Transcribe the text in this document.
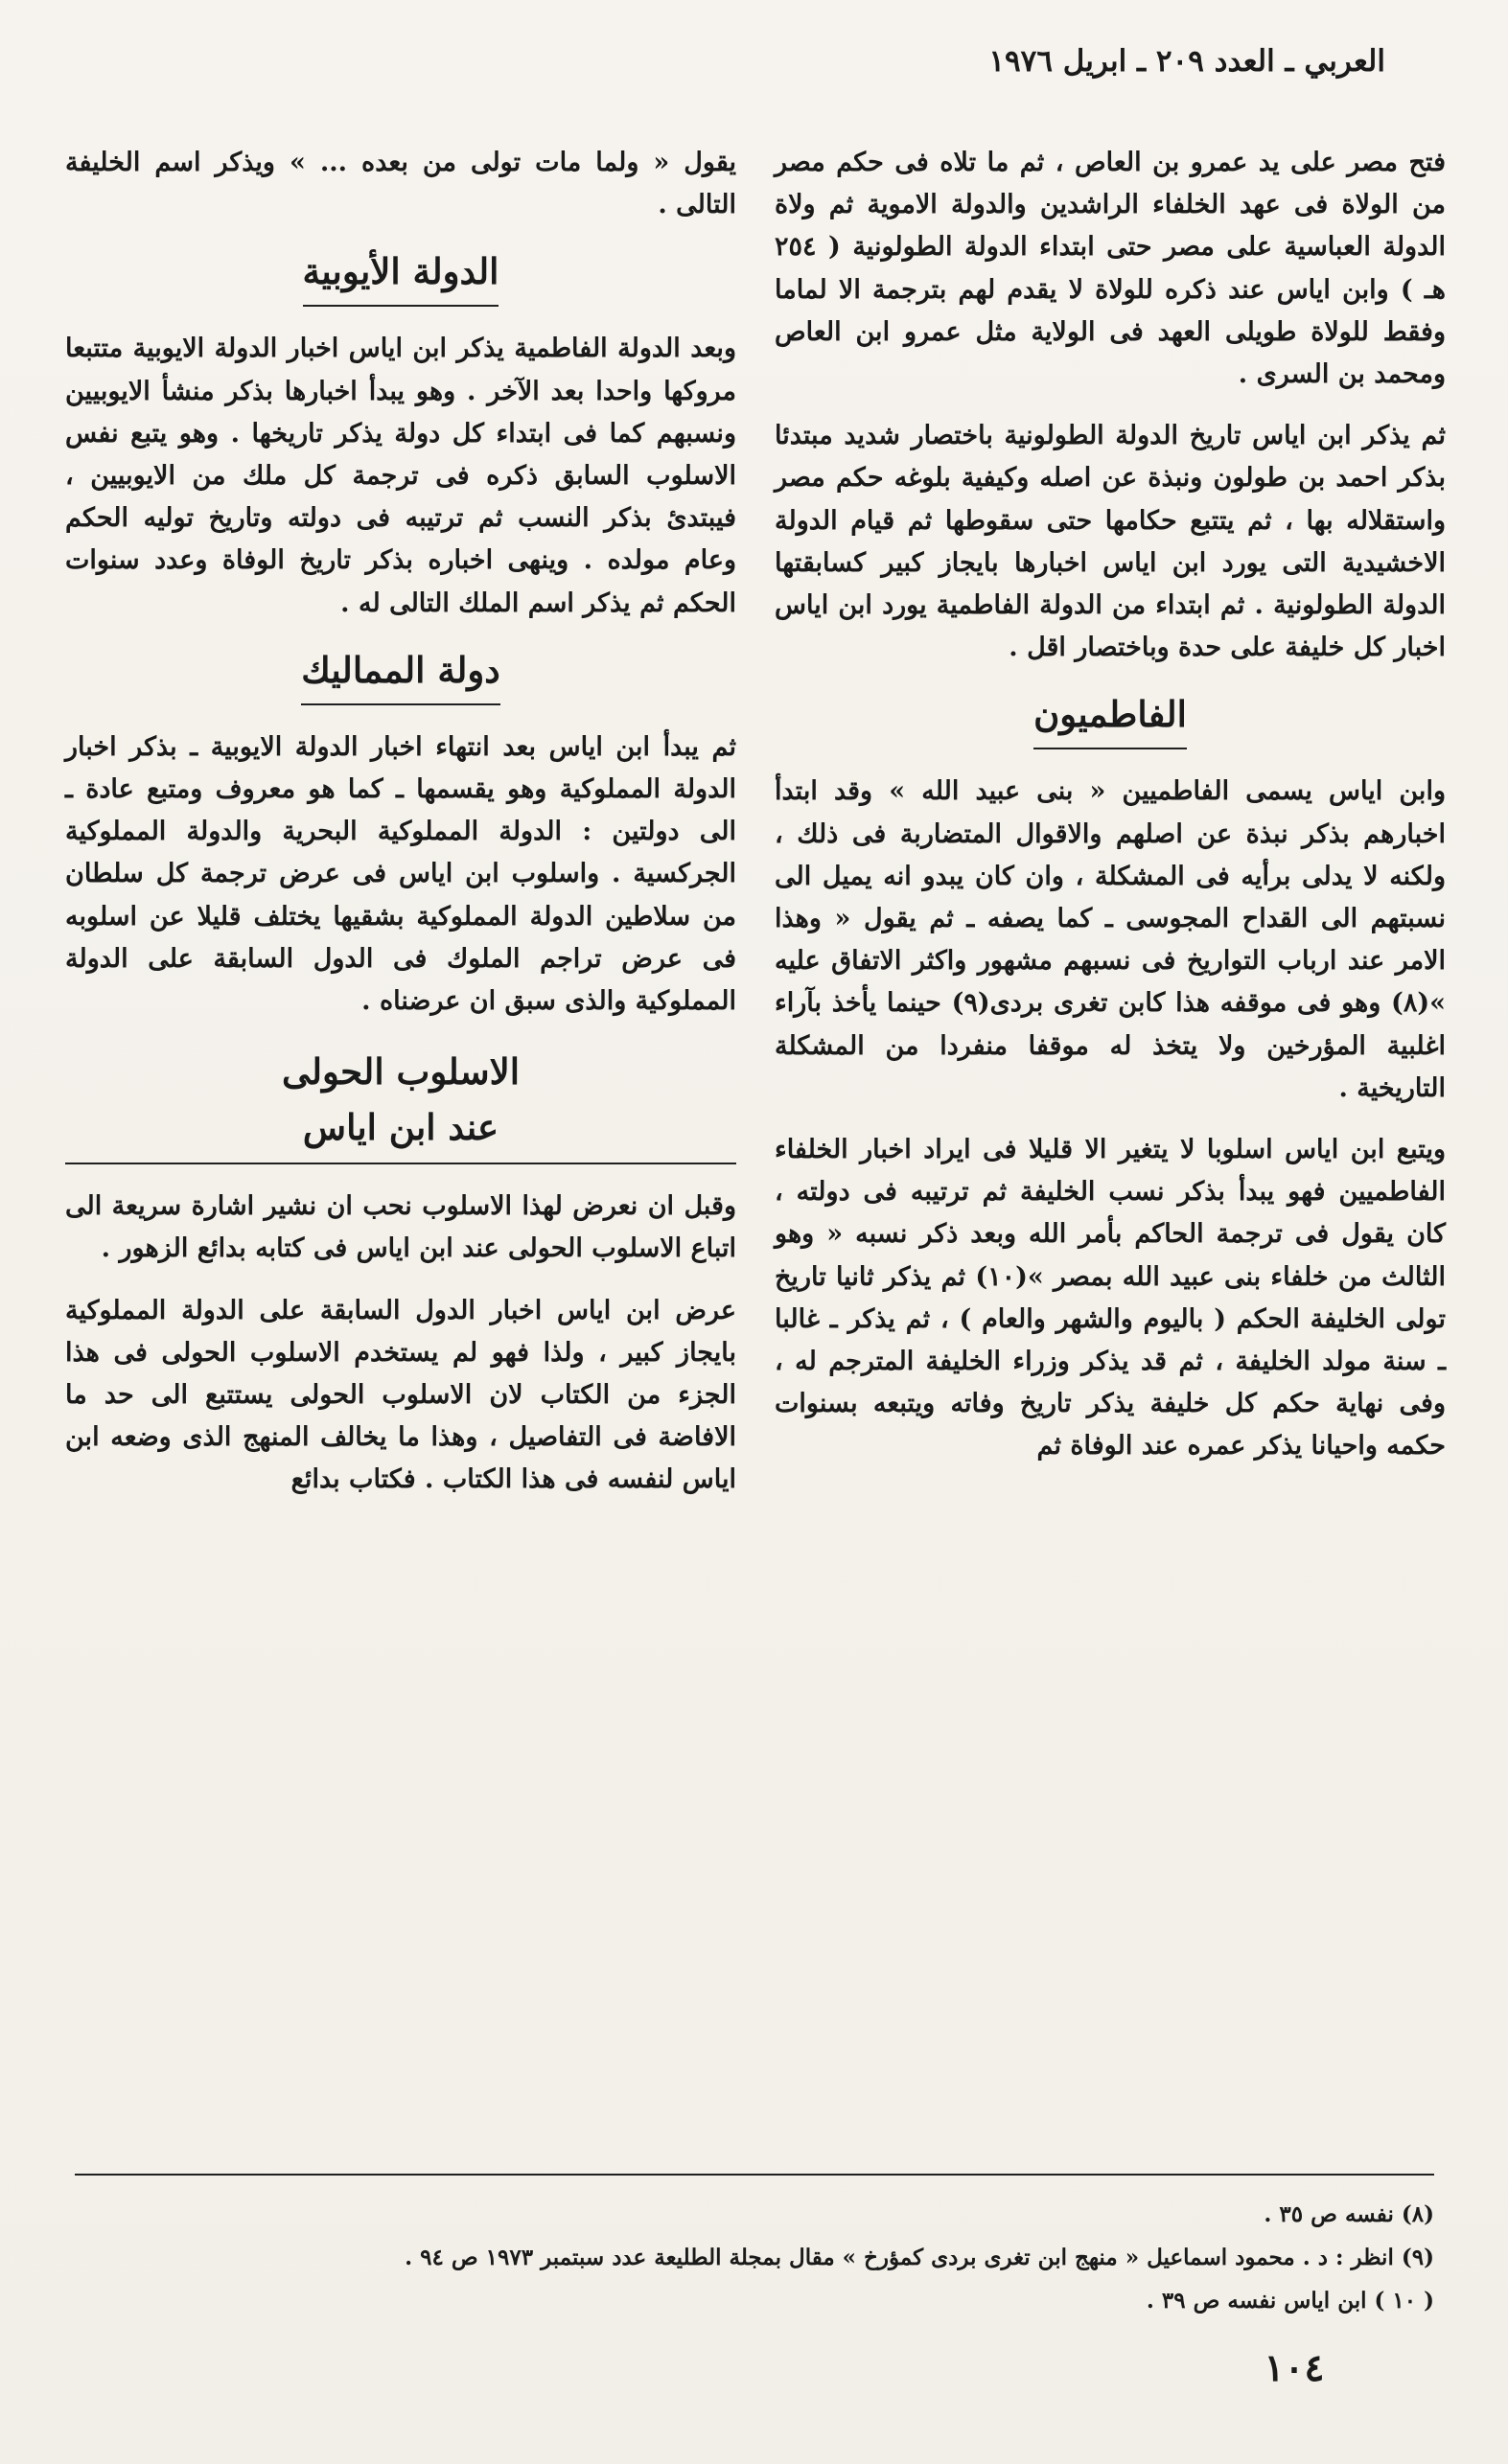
العربي ـ العدد ٢٠٩ ـ ابريل ١٩٧٦

فتح مصر على يد عمرو بن العاص ، ثم ما تلاه فى حكم مصر من الولاة فى عهد الخلفاء الراشدين والدولة الاموية ثم ولاة الدولة العباسية على مصر حتى ابتداء الدولة الطولونية ( ٢٥٤ هـ ) وابن اياس عند ذكره للولاة لا يقدم لهم بترجمة الا لماما وفقط للولاة طويلى العهد فى الولاية مثل عمرو ابن العاص ومحمد بن السرى .

ثم يذكر ابن اياس تاريخ الدولة الطولونية باختصار شديد مبتدئا بذكر احمد بن طولون ونبذة عن اصله وكيفية بلوغه حكم مصر واستقلاله بها ، ثم يتتبع حكامها حتى سقوطها ثم قيام الدولة الاخشيدية التى يورد ابن اياس اخبارها بايجاز كبير كسابقتها الدولة الطولونية . ثم ابتداء من الدولة الفاطمية يورد ابن اياس اخبار كل خليفة على حدة وباختصار اقل .

الفاطميون

وابن اياس يسمى الفاطميين « بنى عبيد الله » وقد ابتدأ اخبارهم بذكر نبذة عن اصلهم والاقوال المتضاربة فى ذلك ، ولكنه لا يدلى برأيه فى المشكلة ، وان كان يبدو انه يميل الى نسبتهم الى القداح المجوسى ـ كما يصفه ـ ثم يقول « وهذا الامر عند ارباب التواريخ فى نسبهم مشهور واكثر الاتفاق عليه »(٨) وهو فى موقفه هذا كابن تغرى بردى(٩) حينما يأخذ بآراء اغلبية المؤرخين ولا يتخذ له موقفا منفردا من المشكلة التاريخية .

ويتبع ابن اياس اسلوبا لا يتغير الا قليلا فى ايراد اخبار الخلفاء الفاطميين فهو يبدأ بذكر نسب الخليفة ثم ترتيبه فى دولته ، كان يقول فى ترجمة الحاكم بأمر الله وبعد ذكر نسبه « وهو الثالث من خلفاء بنى عبيد الله بمصر »(١٠) ثم يذكر ثانيا تاريخ تولى الخليفة الحكم ( باليوم والشهر والعام ) ، ثم يذكر ـ غالبا ـ سنة مولد الخليفة ، ثم قد يذكر وزراء الخليفة المترجم له ، وفى نهاية حكم كل خليفة يذكر تاريخ وفاته ويتبعه بسنوات حكمه واحيانا يذكر عمره عند الوفاة ثم

يقول « ولما مات تولى من بعده ... » ويذكر اسم الخليفة التالى .

الدولة الأيوبية

وبعد الدولة الفاطمية يذكر ابن اياس اخبار الدولة الايوبية متتبعا مروكها واحدا بعد الآخر . وهو يبدأ اخبارها بذكر منشأ الايوبيين ونسبهم كما فى ابتداء كل دولة يذكر تاريخها . وهو يتبع نفس الاسلوب السابق ذكره فى ترجمة كل ملك من الايوبيين ، فيبتدئ بذكر النسب ثم ترتيبه فى دولته وتاريخ توليه الحكم وعام مولده . وينهى اخباره بذكر تاريخ الوفاة وعدد سنوات الحكم ثم يذكر اسم الملك التالى له .

دولة المماليك

ثم يبدأ ابن اياس بعد انتهاء اخبار الدولة الايوبية ـ بذكر اخبار الدولة المملوكية وهو يقسمها ـ كما هو معروف ومتبع عادة ـ الى دولتين : الدولة المملوكية البحرية والدولة المملوكية الجركسية . واسلوب ابن اياس فى عرض ترجمة كل سلطان من سلاطين الدولة المملوكية بشقيها يختلف قليلا عن اسلوبه فى عرض تراجم الملوك فى الدول السابقة على الدولة المملوكية والذى سبق ان عرضناه .

الاسلوب الحولى
عند ابن اياس

وقبل ان نعرض لهذا الاسلوب نحب ان نشير اشارة سريعة الى اتباع الاسلوب الحولى عند ابن اياس فى كتابه بدائع الزهور .

عرض ابن اياس اخبار الدول السابقة على الدولة المملوكية بايجاز كبير ، ولذا فهو لم يستخدم الاسلوب الحولى فى هذا الجزء من الكتاب لان الاسلوب الحولى يستتبع الى حد ما الافاضة فى التفاصيل ، وهذا ما يخالف المنهج الذى وضعه ابن اياس لنفسه فى هذا الكتاب . فكتاب بدائع

(٨) نفسه ص ٣٥ .

(٩) انظر : د . محمود اسماعيل « منهج ابن تغرى بردى كمؤرخ » مقال بمجلة الطليعة عدد سبتمبر ١٩٧٣ ص ٩٤ .

( ١٠ ) ابن اياس نفسه ص ٣٩ .

١٠٤
